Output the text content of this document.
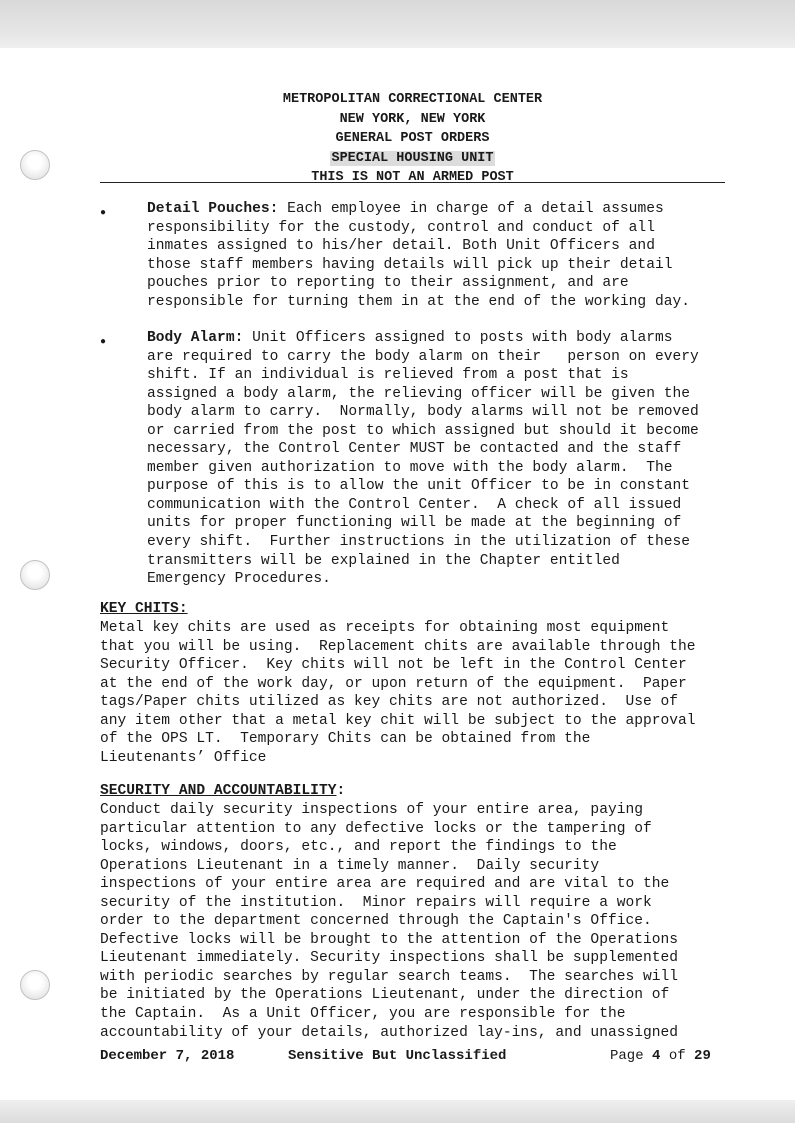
METROPOLITAN CORRECTIONAL CENTER
NEW YORK, NEW YORK
GENERAL POST ORDERS
SPECIAL HOUSING UNIT
THIS IS NOT AN ARMED POST
●	Detail Pouches: Each employee in charge of a detail assumes
responsibility for the custody, control and conduct of all
inmates assigned to his/her detail. Both Unit Officers and
those staff members having details will pick up their detail
pouches prior to reporting to their assignment, and are
responsible for turning them in at the end of the working day.
●	Body Alarm: Unit Officers assigned to posts with body alarms
are required to carry the body alarm on their   person on every
shift. If an individual is relieved from a post that is
assigned a body alarm, the relieving officer will be given the
body alarm to carry.  Normally, body alarms will not be removed
or carried from the post to which assigned but should it become
necessary, the Control Center MUST be contacted and the staff
member given authorization to move with the body alarm.  The
purpose of this is to allow the unit Officer to be in constant
communication with the Control Center.  A check of all issued
units for proper functioning will be made at the beginning of
every shift.  Further instructions in the utilization of these
transmitters will be explained in the Chapter entitled
Emergency Procedures.
KEY CHITS:
Metal key chits are used as receipts for obtaining most equipment
that you will be using.  Replacement chits are available through the
Security Officer.  Key chits will not be left in the Control Center
at the end of the work day, or upon return of the equipment.  Paper
tags/Paper chits utilized as key chits are not authorized.  Use of
any item other that a metal key chit will be subject to the approval
of the OPS LT.  Temporary Chits can be obtained from the
Lieutenants’ Office
SECURITY AND ACCOUNTABILITY:
Conduct daily security inspections of your entire area, paying
particular attention to any defective locks or the tampering of
locks, windows, doors, etc., and report the findings to the
Operations Lieutenant in a timely manner.  Daily security
inspections of your entire area are required and are vital to the
security of the institution.  Minor repairs will require a work
order to the department concerned through the Captain's Office.
Defective locks will be brought to the attention of the Operations
Lieutenant immediately. Security inspections shall be supplemented
with periodic searches by regular search teams.  The searches will
be initiated by the Operations Lieutenant, under the direction of
the Captain.  As a Unit Officer, you are responsible for the
accountability of your details, authorized lay-ins, and unassigned
December 7, 2018	Sensitive But Unclassified	Page 4 of 29
